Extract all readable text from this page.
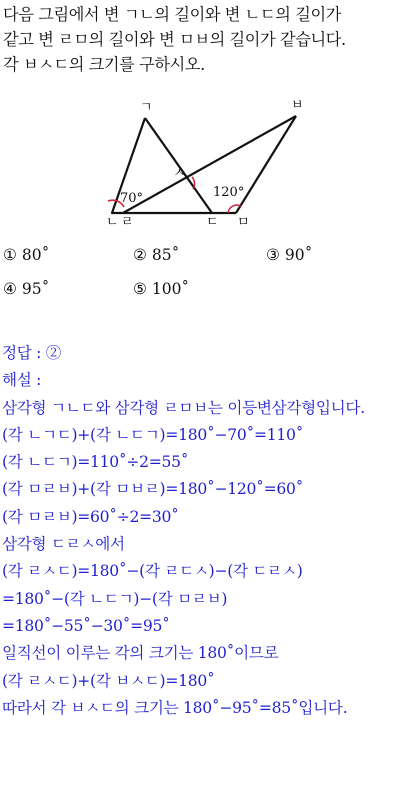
다음 그림에서 변 ㄱㄴ의 길이와 변 ㄴㄷ의 길이가
같고 변 ㄹㅁ의 길이와 변 ㅁㅂ의 길이가 같습니다.
각 ㅂㅅㄷ의 크기를 구하시오.
ㄱ	ㅂ
ㅅ
ㄴ ㄹ	ㄷ ㅁ
70°	120°
① 80˚	② 85˚	③ 90˚
④ 95˚	⑤ 100˚
정답 : ②
해설 :
삼각형 ㄱㄴㄷ와 삼각형 ㄹㅁㅂ는 이등변삼각형입니다.
(각 ㄴㄱㄷ)+(각 ㄴㄷㄱ)=180˚−70˚=110˚
(각 ㄴㄷㄱ)=110˚÷2=55˚
(각 ㅁㄹㅂ)+(각 ㅁㅂㄹ)=180˚−120˚=60˚
(각 ㅁㄹㅂ)=60˚÷2=30˚
삼각형 ㄷㄹㅅ에서
(각 ㄹㅅㄷ)=180˚−(각 ㄹㄷㅅ)−(각 ㄷㄹㅅ)
=180˚−(각 ㄴㄷㄱ)−(각 ㅁㄹㅂ)
=180˚−55˚−30˚=95˚
일직선이 이루는 각의 크기는 180˚이므로
(각 ㄹㅅㄷ)+(각 ㅂㅅㄷ)=180˚
따라서 각 ㅂㅅㄷ의 크기는 180˚−95˚=85˚입니다.
